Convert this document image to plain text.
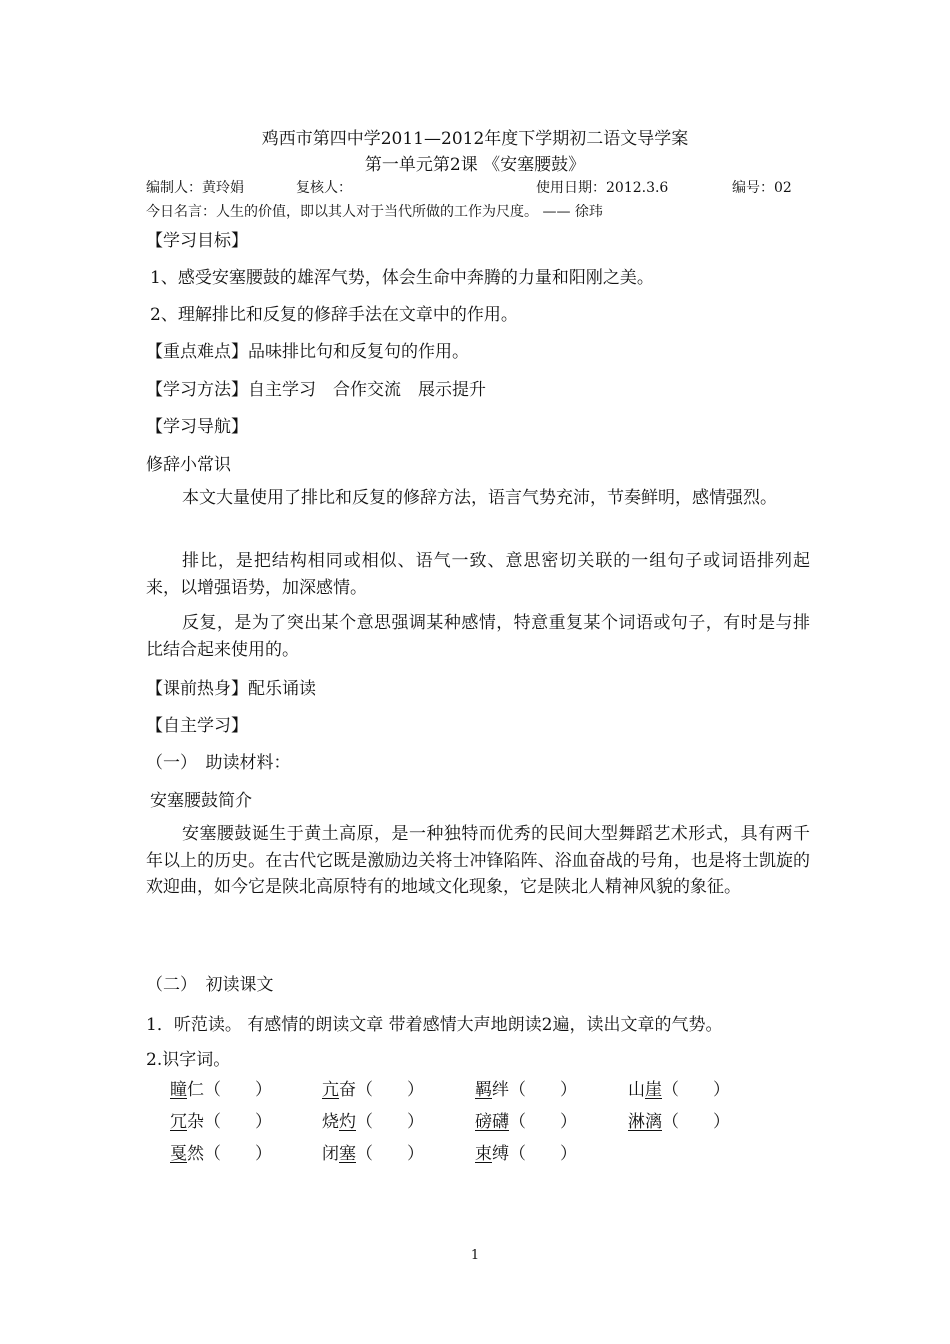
鸡西市第四中学2011—2012年度下学期初二语文导学案
第一单元第2课 《安塞腰鼓》
编制人：黄玲娟	复核人：	使用日期：2012.3.6	编号：02
今日名言：人生的价值，即以其人对于当代所做的工作为尺度。 —— 徐玮
【学习目标】
1、感受安塞腰鼓的雄浑气势，体会生命中奔腾的力量和阳刚之美。
2、理解排比和反复的修辞手法在文章中的作用。
【重点难点】品味排比句和反复句的作用。
【学习方法】自主学习　合作交流　展示提升
【学习导航】
修辞小常识
本文大量使用了排比和反复的修辞方法，语言气势充沛，节奏鲜明，感情强烈。
排比，是把结构相同或相似、语气一致、意思密切关联的一组句子或词语排列起来，以增强语势，加深感情。
反复，是为了突出某个意思强调某种感情，特意重复某个词语或句子，有时是与排比结合起来使用的。
【课前热身】配乐诵读
【自主学习】
（一）　助读材料：
安塞腰鼓简介
安塞腰鼓诞生于黄土高原，是一种独特而优秀的民间大型舞蹈艺术形式，具有两千年以上的历史。在古代它既是激励边关将士冲锋陷阵、浴血奋战的号角，也是将士凯旋的欢迎曲，如今它是陕北高原特有的地域文化现象，它是陕北人精神风貌的象征。
（二）　初读课文
1．听范读。 有感情的朗读文章 带着感情大声地朗读2遍，读出文章的气势。
2.识字词。
瞳仁（　　）	亢奋（　　）	羁绊（　　）	山崖（　　）
冗杂（　　）	烧灼（　　）	磅礴（　　）	淋漓（　　）
戛然（　　）	闭塞（　　）	束缚（　　）
1
